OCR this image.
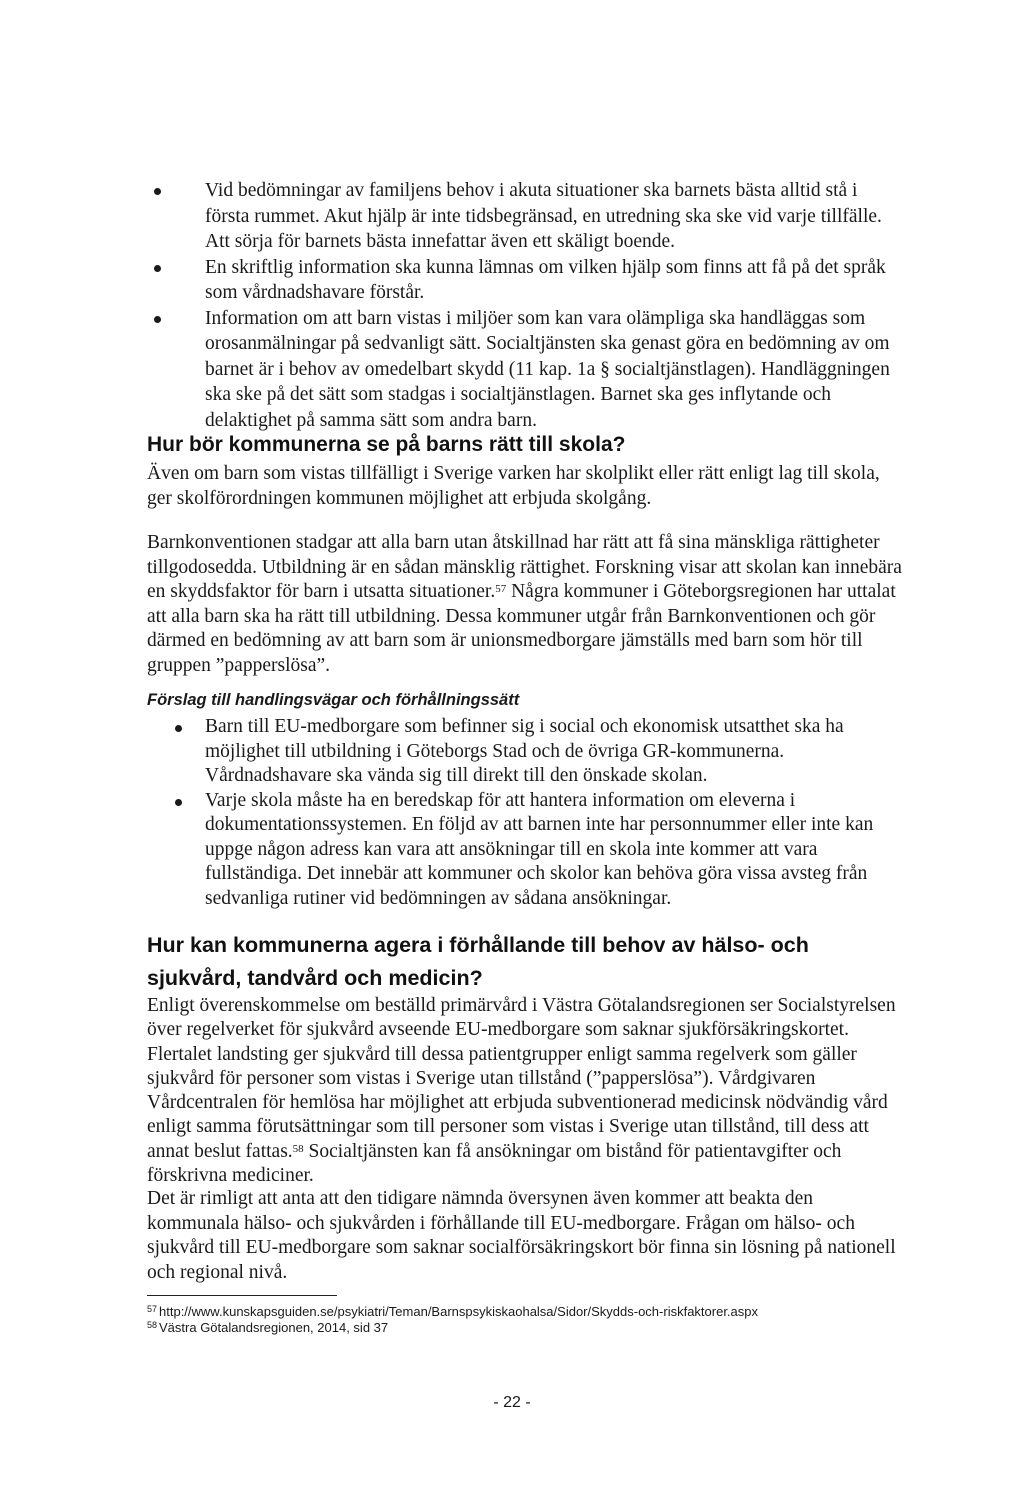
Vid bedömningar av familjens behov i akuta situationer ska barnets bästa alltid stå i första rummet. Akut hjälp är inte tidsbegränsad, en utredning ska ske vid varje tillfälle. Att sörja för barnets bästa innefattar även ett skäligt boende.
En skriftlig information ska kunna lämnas om vilken hjälp som finns att få på det språk som vårdnadshavare förstår.
Information om att barn vistas i miljöer som kan vara olämpliga ska handläggas som orosanmälningar på sedvanligt sätt. Socialtjänsten ska genast göra en bedömning av om barnet är i behov av omedelbart skydd (11 kap. 1a § socialtjänstlagen). Handläggningen ska ske på det sätt som stadgas i socialtjänstlagen. Barnet ska ges inflytande och delaktighet på samma sätt som andra barn.
Hur bör kommunerna se på barns rätt till skola?

Även om barn som vistas tillfälligt i Sverige varken har skolplikt eller rätt enligt lag till skola, ger skolförordningen kommunen möjlighet att erbjuda skolgång.

Barnkonventionen stadgar att alla barn utan åtskillnad har rätt att få sina mänskliga rättigheter tillgodosedda. Utbildning är en sådan mänsklig rättighet. Forskning visar att skolan kan innebära en skyddsfaktor för barn i utsatta situationer.$^{57}$ Några kommuner i Göteborgsregionen har uttalat att alla barn ska ha rätt till utbildning. Dessa kommuner utgår från Barnkonventionen och gör därmed en bedömning av att barn som är unionsmedborgare jämställs med barn som hör till gruppen ”papperslösa”.

Förslag till handlingsvägar och förhållningssätt
Barn till EU-medborgare som befinner sig i social och ekonomisk utsatthet ska ha möjlighet till utbildning i Göteborgs Stad och de övriga GR-kommunerna. Vårdnadshavare ska vända sig till direkt till den önskade skolan.
Varje skola måste ha en beredskap för att hantera information om eleverna i dokumentationssystemen. En följd av att barnen inte har personnummer eller inte kan uppge någon adress kan vara att ansökningar till en skola inte kommer att vara fullständiga. Det innebär att kommuner och skolor kan behöva göra vissa avsteg från sedvanliga rutiner vid bedömningen av sådana ansökningar.
Hur kan kommunerna agera i förhållande till behov av hälso- och sjukvård, tandvård och medicin?

Enligt överenskommelse om beställd primärvård i Västra Götalandsregionen ser Socialstyrelsen över regelverket för sjukvård avseende EU-medborgare som saknar sjukförsäkringskortet. Flertalet landsting ger sjukvård till dessa patientgrupper enligt samma regelverk som gäller sjukvård för personer som vistas i Sverige utan tillstånd (”papperslösa”). Vårdgivaren Vårdcentralen för hemlösa har möjlighet att erbjuda subventionerad medicinsk nödvändig vård enligt samma förutsättningar som till personer som vistas i Sverige utan tillstånd, till dess att annat beslut fattas.$^{58}$ Socialtjänsten kan få ansökningar om bistånd för patientavgifter och förskrivna mediciner.

Det är rimligt att anta att den tidigare nämnda översynen även kommer att beakta den kommunala hälso- och sjukvården i förhållande till EU-medborgare. Frågan om hälso- och sjukvård till EU-medborgare som saknar socialförsäkringskort bör finna sin lösning på nationell och regional nivå.

$^{57}$ http://www.kunskapsguiden.se/psykiatri/Teman/Barnspsykiskaohalsa/Sidor/Skydds-och-riskfaktorer.aspx
$^{58}$ Västra Götalandsregionen, 2014, sid 37
- 22 -
